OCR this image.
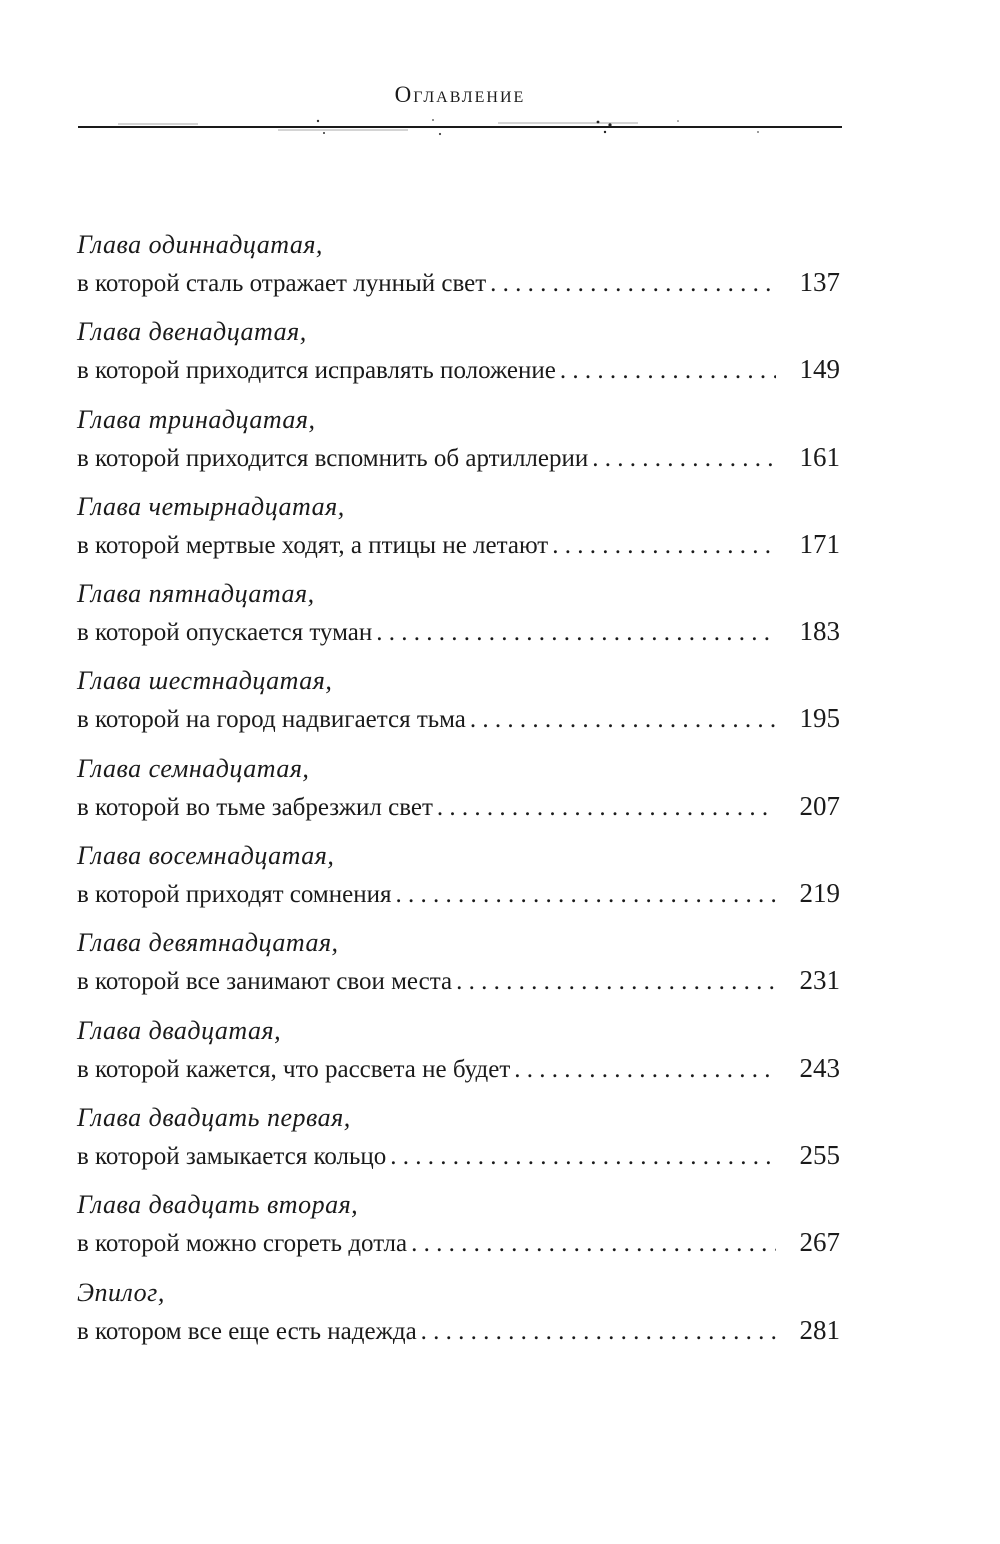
Оглавление
Глава одиннадцатая,
в которой сталь отражает лунный свет . . .	137
Глава двенадцатая,
в которой приходится исправлять положение . . .	149
Глава тринадцатая,
в которой приходится вспомнить об артиллерии . . .	161
Глава четырнадцатая,
в которой мертвые ходят, а птицы не летают . . .	171
Глава пятнадцатая,
в которой опускается туман . . .	183
Глава шестнадцатая,
в которой на город надвигается тьма . . .	195
Глава семнадцатая,
в которой во тьме забрезжил свет . . .	207
Глава восемнадцатая,
в которой приходят сомнения . . .	219
Глава девятнадцатая,
в которой все занимают свои места . . .	231
Глава двадцатая,
в которой кажется, что рассвета не будет . . .	243
Глава двадцать первая,
в которой замыкается кольцо . . .	255
Глава двадцать вторая,
в которой можно сгореть дотла . . .	267
Эпилог,
в котором все еще есть надежда . . .	281
